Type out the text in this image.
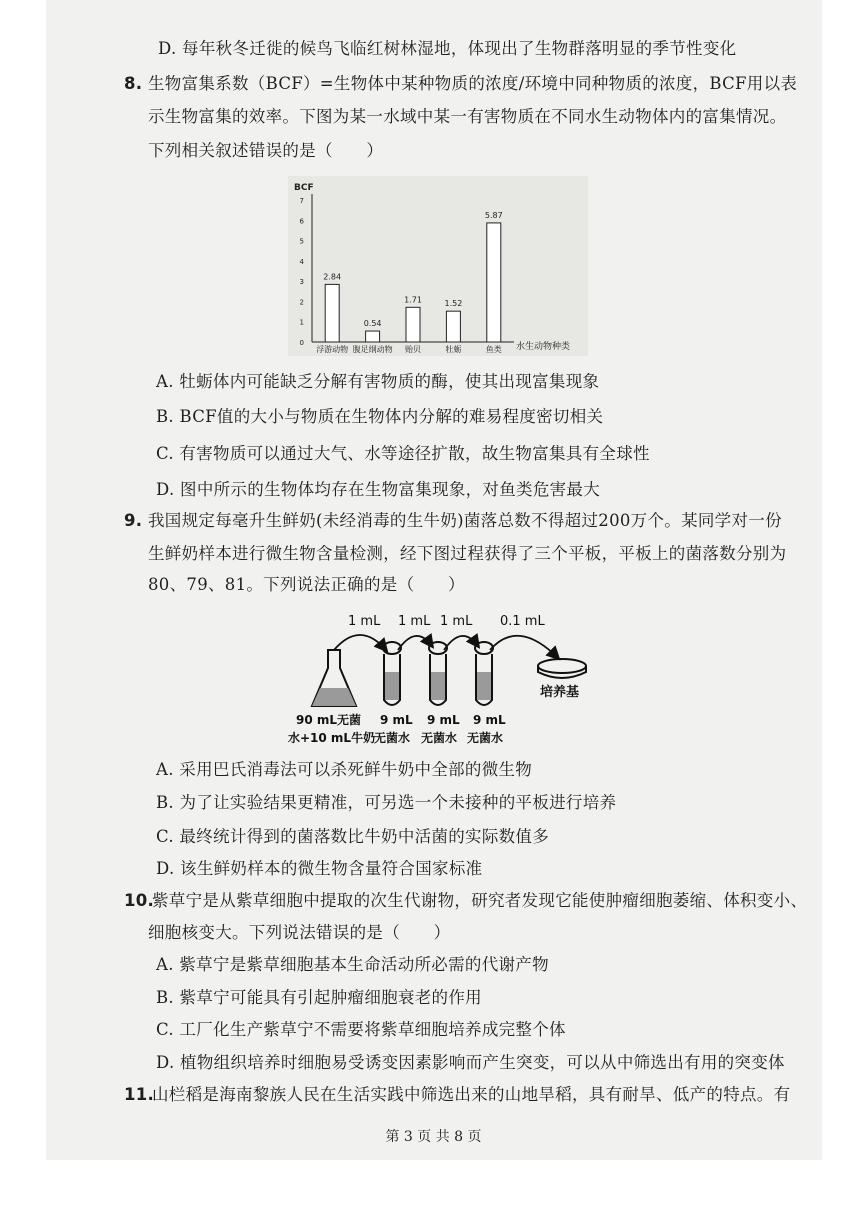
D. 每年秋冬迁徙的候鸟飞临红树林湿地，体现出了生物群落明显的季节性变化
8. 生物富集系数（BCF）=生物体中某种物质的浓度/环境中同种物质的浓度，BCF用以表
示生物富集的效率。下图为某一水域中某一有害物质在不同水生动物体内的富集情况。
下列相关叙述错误的是（　　）
BCF
水生动物种类
0
1
2
3
4
5
6
7
2.84
浮游动物
0.54
腹足纲动物
1.71
贻贝
1.52
牡蛎
5.87
鱼类
A. 牡蛎体内可能缺乏分解有害物质的酶，使其出现富集现象
B. BCF值的大小与物质在生物体内分解的难易程度密切相关
C. 有害物质可以通过大气、水等途径扩散，故生物富集具有全球性
D. 图中所示的生物体均存在生物富集现象，对鱼类危害最大
9. 我国规定每毫升生鲜奶(未经消毒的生牛奶)菌落总数不得超过200万个。某同学对一份
生鲜奶样本进行微生物含量检测，经下图过程获得了三个平板，平板上的菌落数分别为
80、79、81。下列说法正确的是（　　）
1 mL 1 mL 1 mL 0.1 mL
培养基
90 mL无菌
水+10 mL牛奶
9 mL
无菌水
9 mL
无菌水
9 mL
无菌水
A. 采用巴氏消毒法可以杀死鲜牛奶中全部的微生物
B. 为了让实验结果更精准，可另选一个未接种的平板进行培养
C. 最终统计得到的菌落数比牛奶中活菌的实际数值多
D. 该生鲜奶样本的微生物含量符合国家标准
10.
紫草宁是从紫草细胞中提取的次生代谢物，研究者发现它能使肿瘤细胞萎缩、体积变小、
细胞核变大。下列说法错误的是（　　）
A. 紫草宁是紫草细胞基本生命活动所必需的代谢产物
B. 紫草宁可能具有引起肿瘤细胞衰老的作用
C. 工厂化生产紫草宁不需要将紫草细胞培养成完整个体
D. 植物组织培养时细胞易受诱变因素影响而产生突变，可以从中筛选出有用的突变体
11.
山栏稻是海南黎族人民在生活实践中筛选出来的山地旱稻，具有耐旱、低产的特点。有
第 3 页 共 8 页
